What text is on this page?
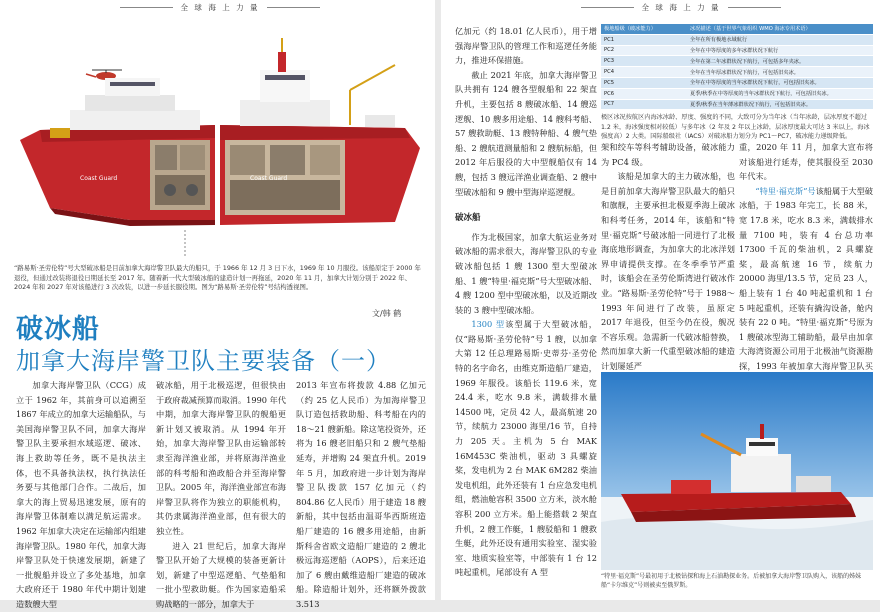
全 球 海 上 力 量
Coast Guard	Coast Guard
“路易斯·圣劳伦特”号大型破冰船是目前加拿大海岸警卫队最大的船只，于 1966 年 12 月 3 日下水，1969 年 10 月服役。该船原定于 2000 年退役，但通过改装将退役日期延长至 2017 年。随着新一代大型破冰船的建造计划一再拖延，2020 年 11 月，加拿大计划分别于 2022 年、2024 年和 2027 年对该船进行 3 次改装，以进一步延长服役期。图为“路易斯·圣劳伦特”号结构透视图。
文/韩 鹤
破冰船
加拿大海岸警卫队主要装备（一）

加拿大海岸警卫队（CCG）成立于 1962 年，其前身可以追溯至 1867 年成立的加拿大运输船队，与美国海岸警卫队不同，加拿大海岸警卫队主要承担水域巡逻、破冰、海上救助等任务，既不是执法主体，也不具备执法权，执行执法任务要与其他部门合作。二战后，加拿大的海上贸易迅速发展，原有的海岸警卫体制难以满足航运需求。1962 年加拿大决定在运输部内组建海岸警卫队。1980 年代，加拿大海岸警卫队处于快速发展期，新建了一批舰船并设立了多处基地，加拿大政府还于 1980 年代中期计划建造数艘大型

破冰船，用于北极巡逻，但很快由于政府裁减预算而取消。1990 年代中期，加拿大海岸警卫队的舰船更新计划又被取消。从 1994 年开始，加拿大海岸警卫队由运输部转隶至海洋渔业部，并将原海洋渔业部的科考船和渔政船合并至海岸警卫队。2005 年，海洋渔业部宣布海岸警卫队将作为独立的职能机构，其仍隶属海洋渔业部，但有很大的独立性。

进入 21 世纪后，加拿大海岸警卫队开始了大规模的装备更新计划，新建了中型巡逻船、气垫船和一批小型救助艇。作为国家造船采购战略的一部分，加拿大于

2013 年宣布将拨款 4.88 亿加元（约 25 亿人民币）为加海岸警卫队订造包括救助船、科考船在内的 18～21 艘新船。除这笔投资外，还将为 16 艘老旧船只和 2 艘气垫船延寿，并增购 24 架直升机。2019 年 5 月，加政府进一步计划为海岸警卫队拨款 157 亿加元（约 804.86 亿人民币）用于建造 18 艘新船，其中包括由温哥华西斯班造船厂建造的 16 艘多用途船，由新斯科舍省欧文造船厂建造的 2 艘北极远海巡逻船（AOPS），后来还追加了 6 艘由戴维造船厂建造的破冰船。除造船计划外，还将额外拨款 3.513

全 球 海 上 力 量

亿加元（约 18.01 亿人民币），用于增强海岸警卫队的管理工作和巡逻任务能力，推进环保措施。

截止 2021 年底，加拿大海岸警卫队共拥有 124 艘各型舰船和 22 架直升机，主要包括 8 艘破冰船、14 艘巡逻舰、10 艘多用途船、14 艘科考船、57 艘救助艇、13 艘特种船、4 艘气垫船、2 艘航道测量船和 2 艘航标船，但 2012 年后服役的大中型舰船仅有 14 艘，包括 3 艘远洋渔业调查船、2 艘中型破冰船和 9 艘中型海岸巡逻舰。

破冰船

作为北极国家，加拿大航运业务对破冰船的需求很大，海岸警卫队的专业破冰船包括 1 艘 1300 型大型破冰船、1 艘“特里·福克斯”号大型破冰船、4 艘 1200 型中型破冰船，以及近期改装的 3 艘中型破冰船。

1300 型该型属于大型破冰船，仅“路易斯·圣劳伦特”号 1 艘，以加拿大第 12 任总理路易斯·史蒂芬·圣劳伦特的名字命名，由维克斯造船厂建造，1969 年服役。该船长 119.6 米，宽 24.4 米，吃水 9.8 米，满载排水量 14500 吨，定员 42 人，最高航速 20 节，续航力 23000 海里/16 节，自持力 205 天。主机为 5 台 MAK 16M453C 柴油机，驱动 3 具螺旋桨，发电机为 2 台 MAK 6M282 柴油发电机组，此外还装有 1 台应急发电机组，燃油舱容积 3500 立方米，淡水舱容积 200 立方米。船上能搭载 2 架直升机，2 艘工作艇，1 艘驳船和 1 艘救生艇，此外还设有通用实验室、湿实验室、地质实验室等，中部装有 1 台 12 吨起重机，尾部设有 A 型

极地船级（破冰能力）	冰况描述（基于世界气象组织 WMO 海冰专用术语）
PC1	全年在所有极地水域航行
PC2	全年在中等厚度的多年冰群状况下航行
PC3	全年在第二年冰群状况下航行，可包括多年夹冰。
PC4	全年在当年厚冰群状况下航行，可包括旧夹冰。
PC5	全年在中等厚度的当年冰群状况下航行，可包括旧夹冰。
PC6	夏季/秋季在中等厚度的当年冰群状况下航行，可包括旧夹冰。
PC7	夏季/秋季在当年薄冰群状况下航行，可包括旧夹冰。
极区冰况按航区内海冰冰龄、厚度、强度的不同，大致可分为当年冰（当年冰龄，层冰厚度不超过 1.2 米，海冰强度相对较低）与多年冰（2 年及 2 年以上冰龄，层冰厚度最大可达 3 米以上，海冰强度高）2 大类。国际船级社（IACS）对破冰船力划分为 PC1～PC7，破冰能力递级降低。

架和绞车等科考辅助设备，破冰能力为 PC4 级。

该船是加拿大的主力破冰船，也是目前加拿大海岸警卫队最大的船只和旗舰，主要承担北极夏季海上破冰和科考任务，2014 年，该船和“特里·福克斯”号破冰船一同进行了北极海底地形调查，为加拿大的北冰洋划界申请提供支撑。在冬季季节严重时，该船会在圣劳伦斯湾进行破冰作业。“路易斯·圣劳伦特”号于 1988～1993 年间进行了改装，虽原定 2017 年退役，但至今仍在役，舰况不容乐观。急需新一代破冰船替换，然而加拿大新一代重型破冰船的建造计划屡延严

重，2020 年 11 月，加拿大宣布将对该船进行延寿，使其服役至 2030 年代末。

“特里·福克斯”号该船属于大型破冰船，于 1983 年完工，长 88 米，宽 17.8 米，吃水 8.3 米，满载排水量 7100 吨，装有 4 台总功率 17300 千瓦的柴油机，2 具螺旋桨，最高航速 16 节，续航力 20000 海里/13.5 节，定员 23 人，船上装有 1 台 40 吨起重机和 1 台 5 吨起重机，还装有撬沟设备，舱内装有 22 0 吨。“特里·福克斯”号原为 1 艘破冰型海工辅助船，最早由加拿大海湾资源公司用于北极油气资源勘探，1993 年被加拿大海岸警卫队买

“特里·福克斯”号最初用于北极钻探和海上石油勘探业务。后被加拿大海岸警卫队购入，该船的姊妹船“卡尔维克”号则被卖至俄罗斯。
